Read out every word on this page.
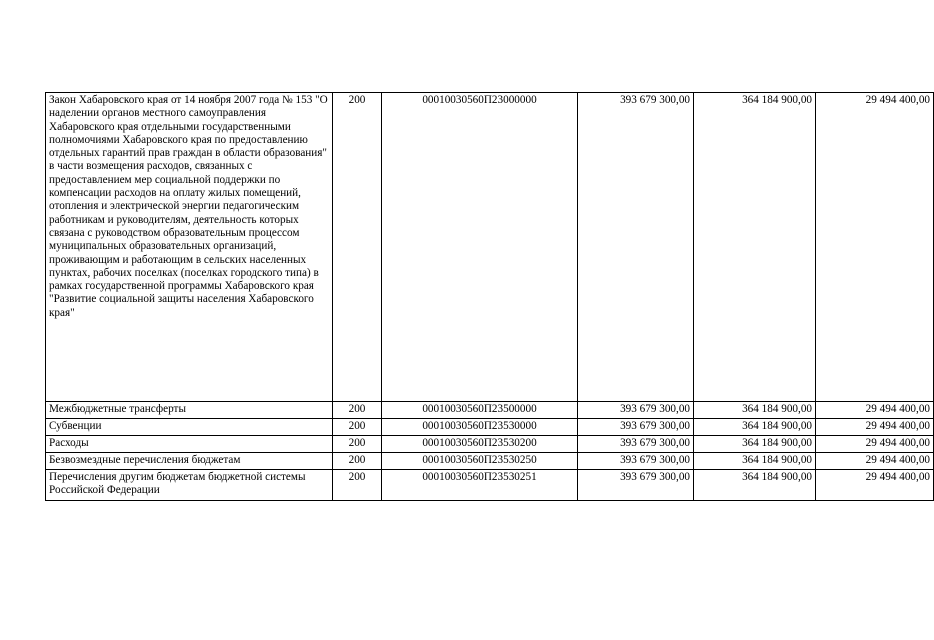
Закон Хабаровского края от 14 ноября 2007 года № 153 "О наделении органов местного самоуправления Хабаровского края отдельными государственными полномочиями Хабаровского края по предоставлению отдельных гарантий прав граждан в области образования" в части возмещения расходов, связанных с предоставлением мер социальной поддержки по компенсации расходов на оплату жилых помещений, отопления и электрической энергии педагогическим работникам и руководителям, деятельность которых связана с руководством образовательным процессом муниципальных образовательных организаций, проживающим и работающим в сельских населенных пунктах, рабочих поселках (поселках городского типа) в рамках государственной программы Хабаровского края "Развитие социальной защиты населения Хабаровского края"	200	00010030560П23000000	393 679 300,00	364 184 900,00	29 494 400,00
Межбюджетные трансферты	200	00010030560П23500000	393 679 300,00	364 184 900,00	29 494 400,00
Субвенции	200	00010030560П23530000	393 679 300,00	364 184 900,00	29 494 400,00
Расходы	200	00010030560П23530200	393 679 300,00	364 184 900,00	29 494 400,00
Безвозмездные перечисления бюджетам	200	00010030560П23530250	393 679 300,00	364 184 900,00	29 494 400,00
Перечисления другим бюджетам бюджетной системы Российской Федерации	200	00010030560П23530251	393 679 300,00	364 184 900,00	29 494 400,00
